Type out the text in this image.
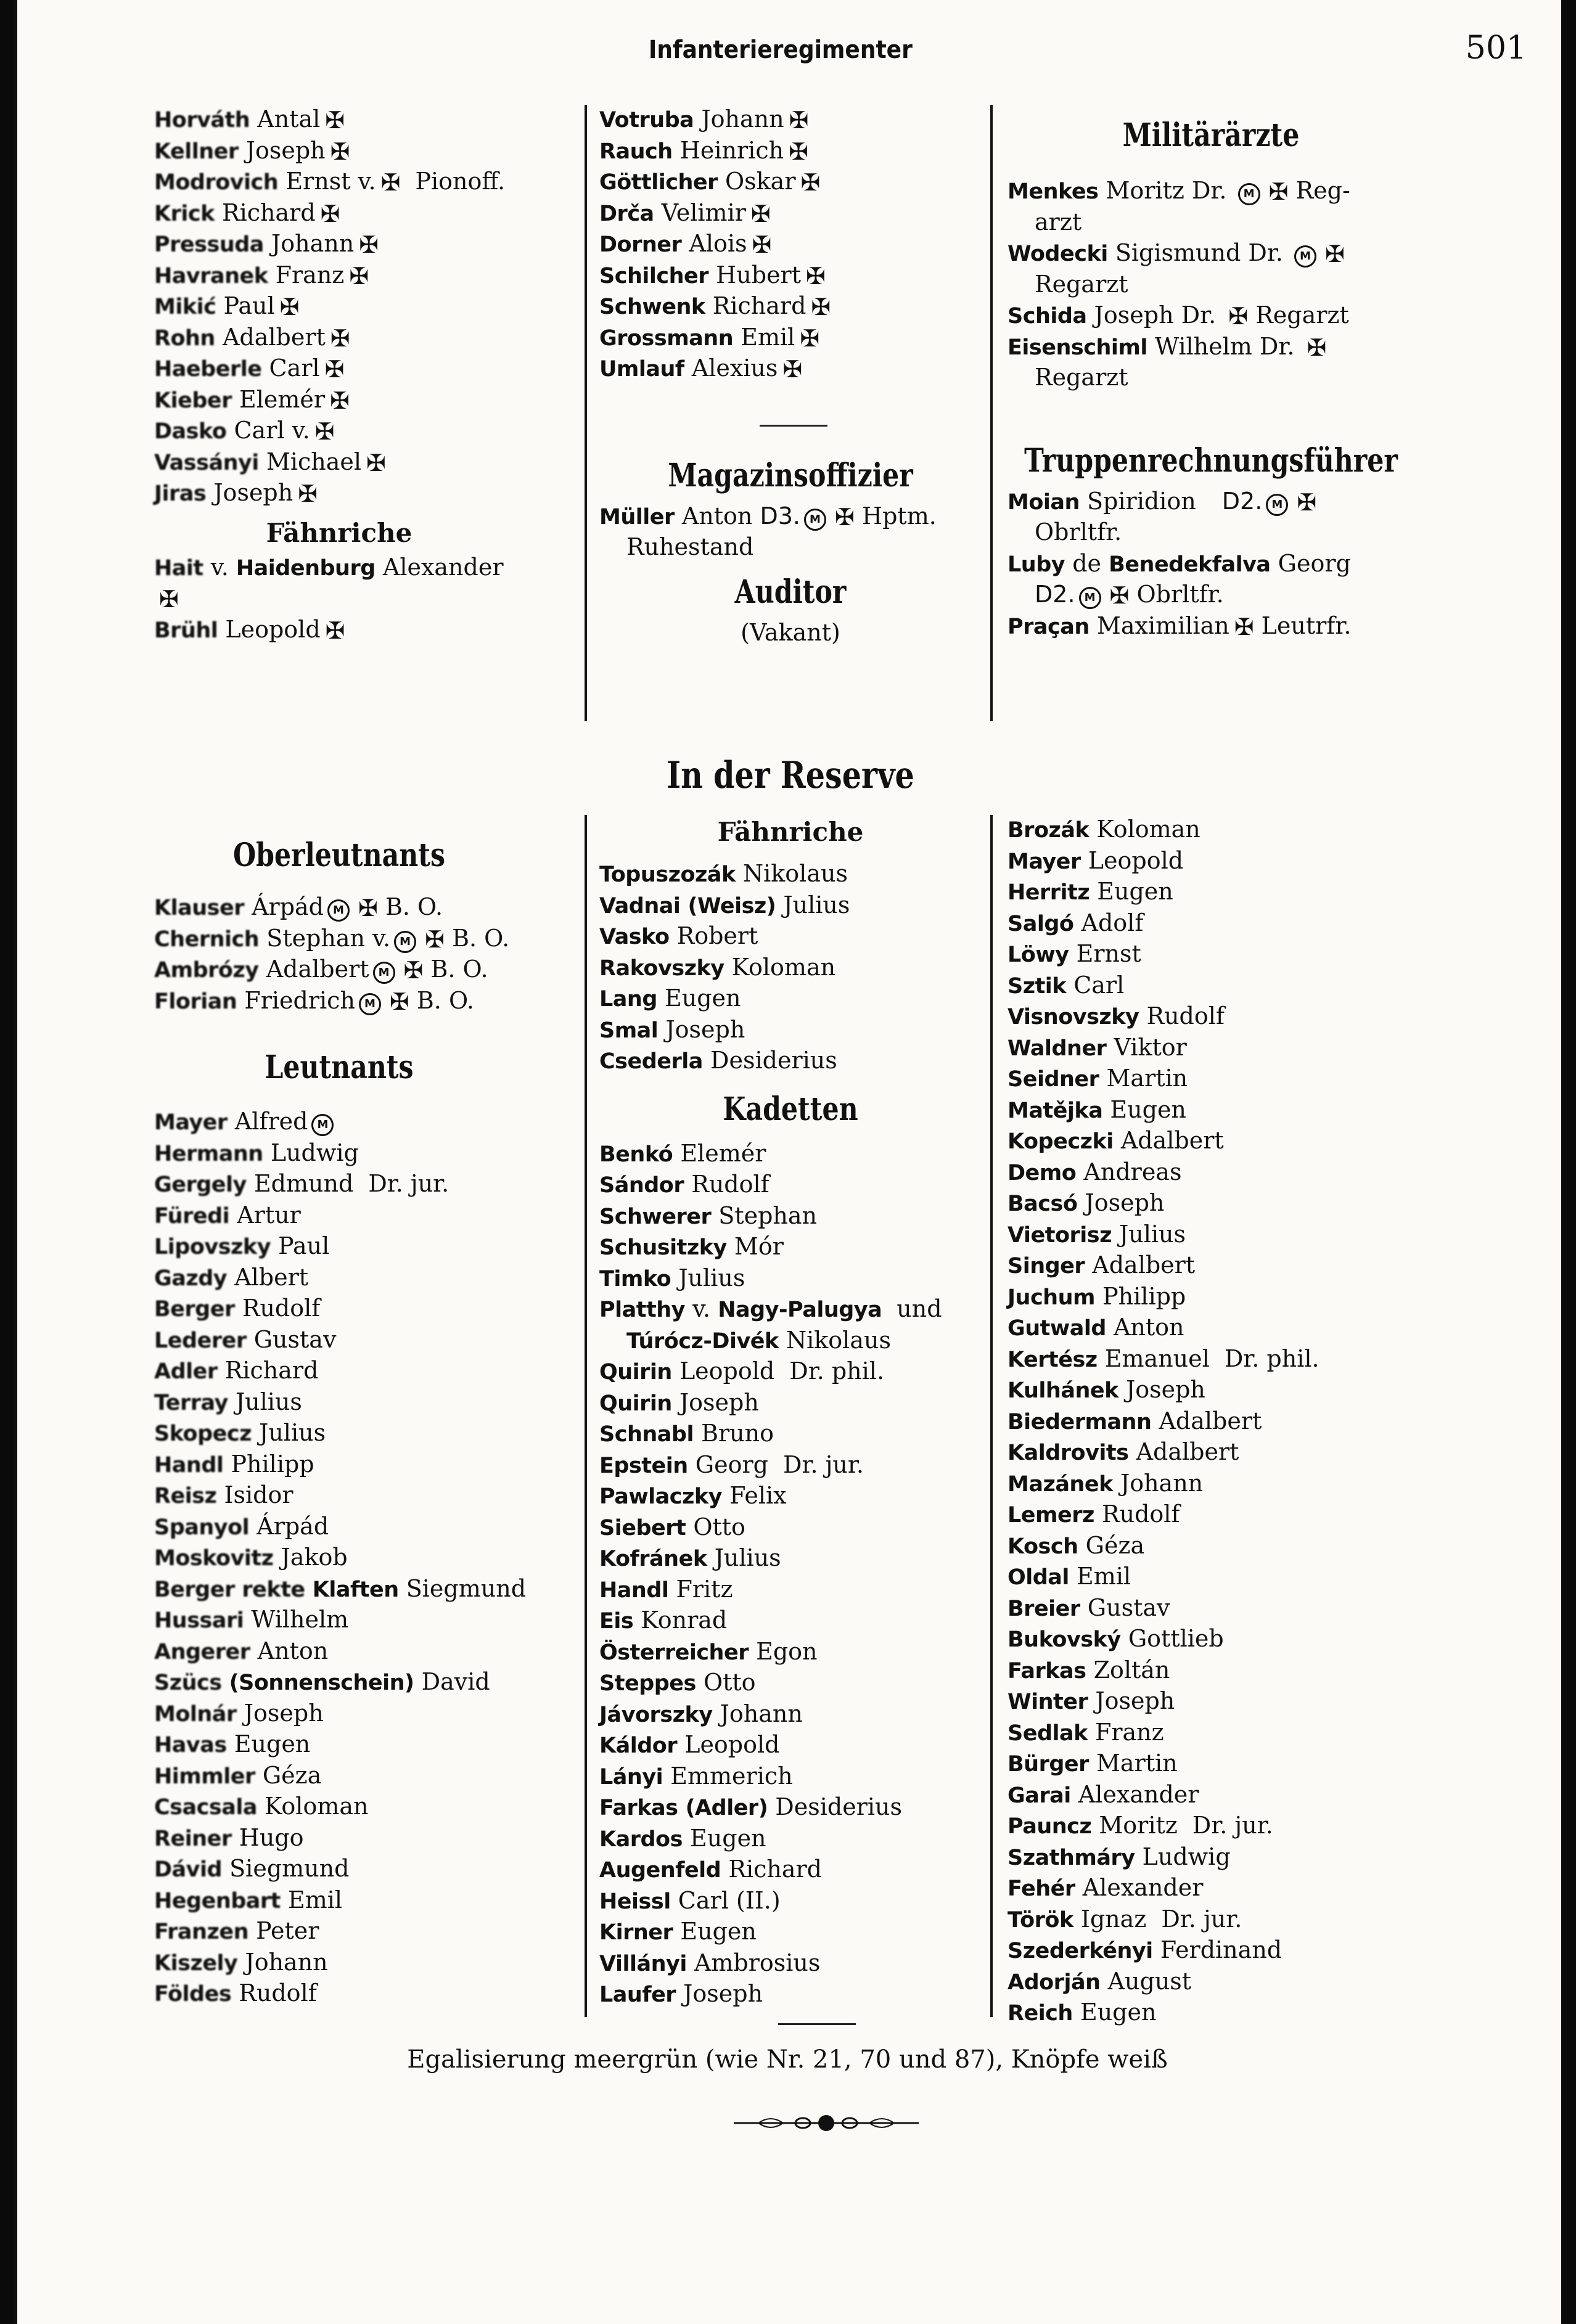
Infanterieregimenter	501
Horváth Antal ✠
Kellner Joseph ✠
Modrovich Ernst v. ✠ Pionoff.
Krick Richard ✠
Pressuda Johann ✠
Havranek Franz ✠
Mikić Paul ✠
Rohn Adalbert ✠
Haeberle Carl ✠
Kieber Elemér ✠
Dasko Carl v. ✠
Vassányi Michael ✠
Jiras Joseph ✠
Fähnriche
Hait v. Haidenburg Alexander
✠
Brühl Leopold ✠
Votruba Johann ✠
Rauch Heinrich ✠
Göttlicher Oskar ✠
Drča Velimir ✠
Dorner Alois ✠
Schilcher Hubert ✠
Schwenk Richard ✠
Grossmann Emil ✠
Umlauf Alexius ✠
Magazinsoffizier
Müller Anton D3. M ✠ Hptm.
Ruhestand
Auditor
(Vakant)
Militärärzte
Menkes Moritz Dr. M ✠ Reg-
arzt
Wodecki Sigismund Dr. M ✠
Regarzt
Schida Joseph Dr. ✠ Regarzt
Eisenschiml Wilhelm Dr. ✠
Regarzt
Truppenrechnungsführer
Moian Spiridion D2. M ✠
Obrltfr.
Luby de Benedekfalva Georg
D2. M ✠ Obrltfr.
Praçan Maximilian ✠ Leutrfr.
In der Reserve
Oberleutnants
Klauser Árpád M ✠ B. O.
Chernich Stephan v. M ✠ B. O.
Ambrózy Adalbert M ✠ B. O.
Florian Friedrich M ✠ B. O.
Leutnants
Mayer Alfred M
Hermann Ludwig
Gergely Edmund Dr. jur.
Füredi Artur
Lipovszky Paul
Gazdy Albert
Berger Rudolf
Lederer Gustav
Adler Richard
Terray Julius
Skopecz Julius
Handl Philipp
Reisz Isidor
Spanyol Árpád
Moskovitz Jakob
Berger rekte Klaften Siegmund
Hussari Wilhelm
Angerer Anton
Szücs (Sonnenschein) David
Molnár Joseph
Havas Eugen
Himmler Géza
Csacsala Koloman
Reiner Hugo
Dávid Siegmund
Hegenbart Emil
Franzen Peter
Kiszely Johann
Földes Rudolf
Fähnriche
Topuszozák Nikolaus
Vadnai (Weisz) Julius
Vasko Robert
Rakovszky Koloman
Lang Eugen
Smal Joseph
Csederla Desiderius
Kadetten
Benkó Elemér
Sándor Rudolf
Schwerer Stephan
Schusitzky Mór
Timko Julius
Platthy v. Nagy-Palugya und
Túrócz-Divék Nikolaus
Quirin Leopold Dr. phil.
Quirin Joseph
Schnabl Bruno
Epstein Georg Dr. jur.
Pawlaczky Felix
Siebert Otto
Kofránek Julius
Handl Fritz
Eis Konrad
Österreicher Egon
Steppes Otto
Jávorszky Johann
Káldor Leopold
Lányi Emmerich
Farkas (Adler) Desiderius
Kardos Eugen
Augenfeld Richard
Heissl Carl (II.)
Kirner Eugen
Villányi Ambrosius
Laufer Joseph
Brozák Koloman
Mayer Leopold
Herritz Eugen
Salgó Adolf
Löwy Ernst
Sztik Carl
Visnovszky Rudolf
Waldner Viktor
Seidner Martin
Matějka Eugen
Kopeczki Adalbert
Demo Andreas
Bacsó Joseph
Vietorisz Julius
Singer Adalbert
Juchum Philipp
Gutwald Anton
Kertész Emanuel Dr. phil.
Kulhánek Joseph
Biedermann Adalbert
Kaldrovits Adalbert
Mazánek Johann
Lemerz Rudolf
Kosch Géza
Oldal Emil
Breier Gustav
Bukovský Gottlieb
Farkas Zoltán
Winter Joseph
Sedlak Franz
Bürger Martin
Garai Alexander
Pauncz Moritz Dr. jur.
Szathmáry Ludwig
Fehér Alexander
Török Ignaz Dr. jur.
Szederkényi Ferdinand
Adorján August
Reich Eugen
Egalisierung meergrün (wie Nr. 21, 70 und 87), Knöpfe weiß
